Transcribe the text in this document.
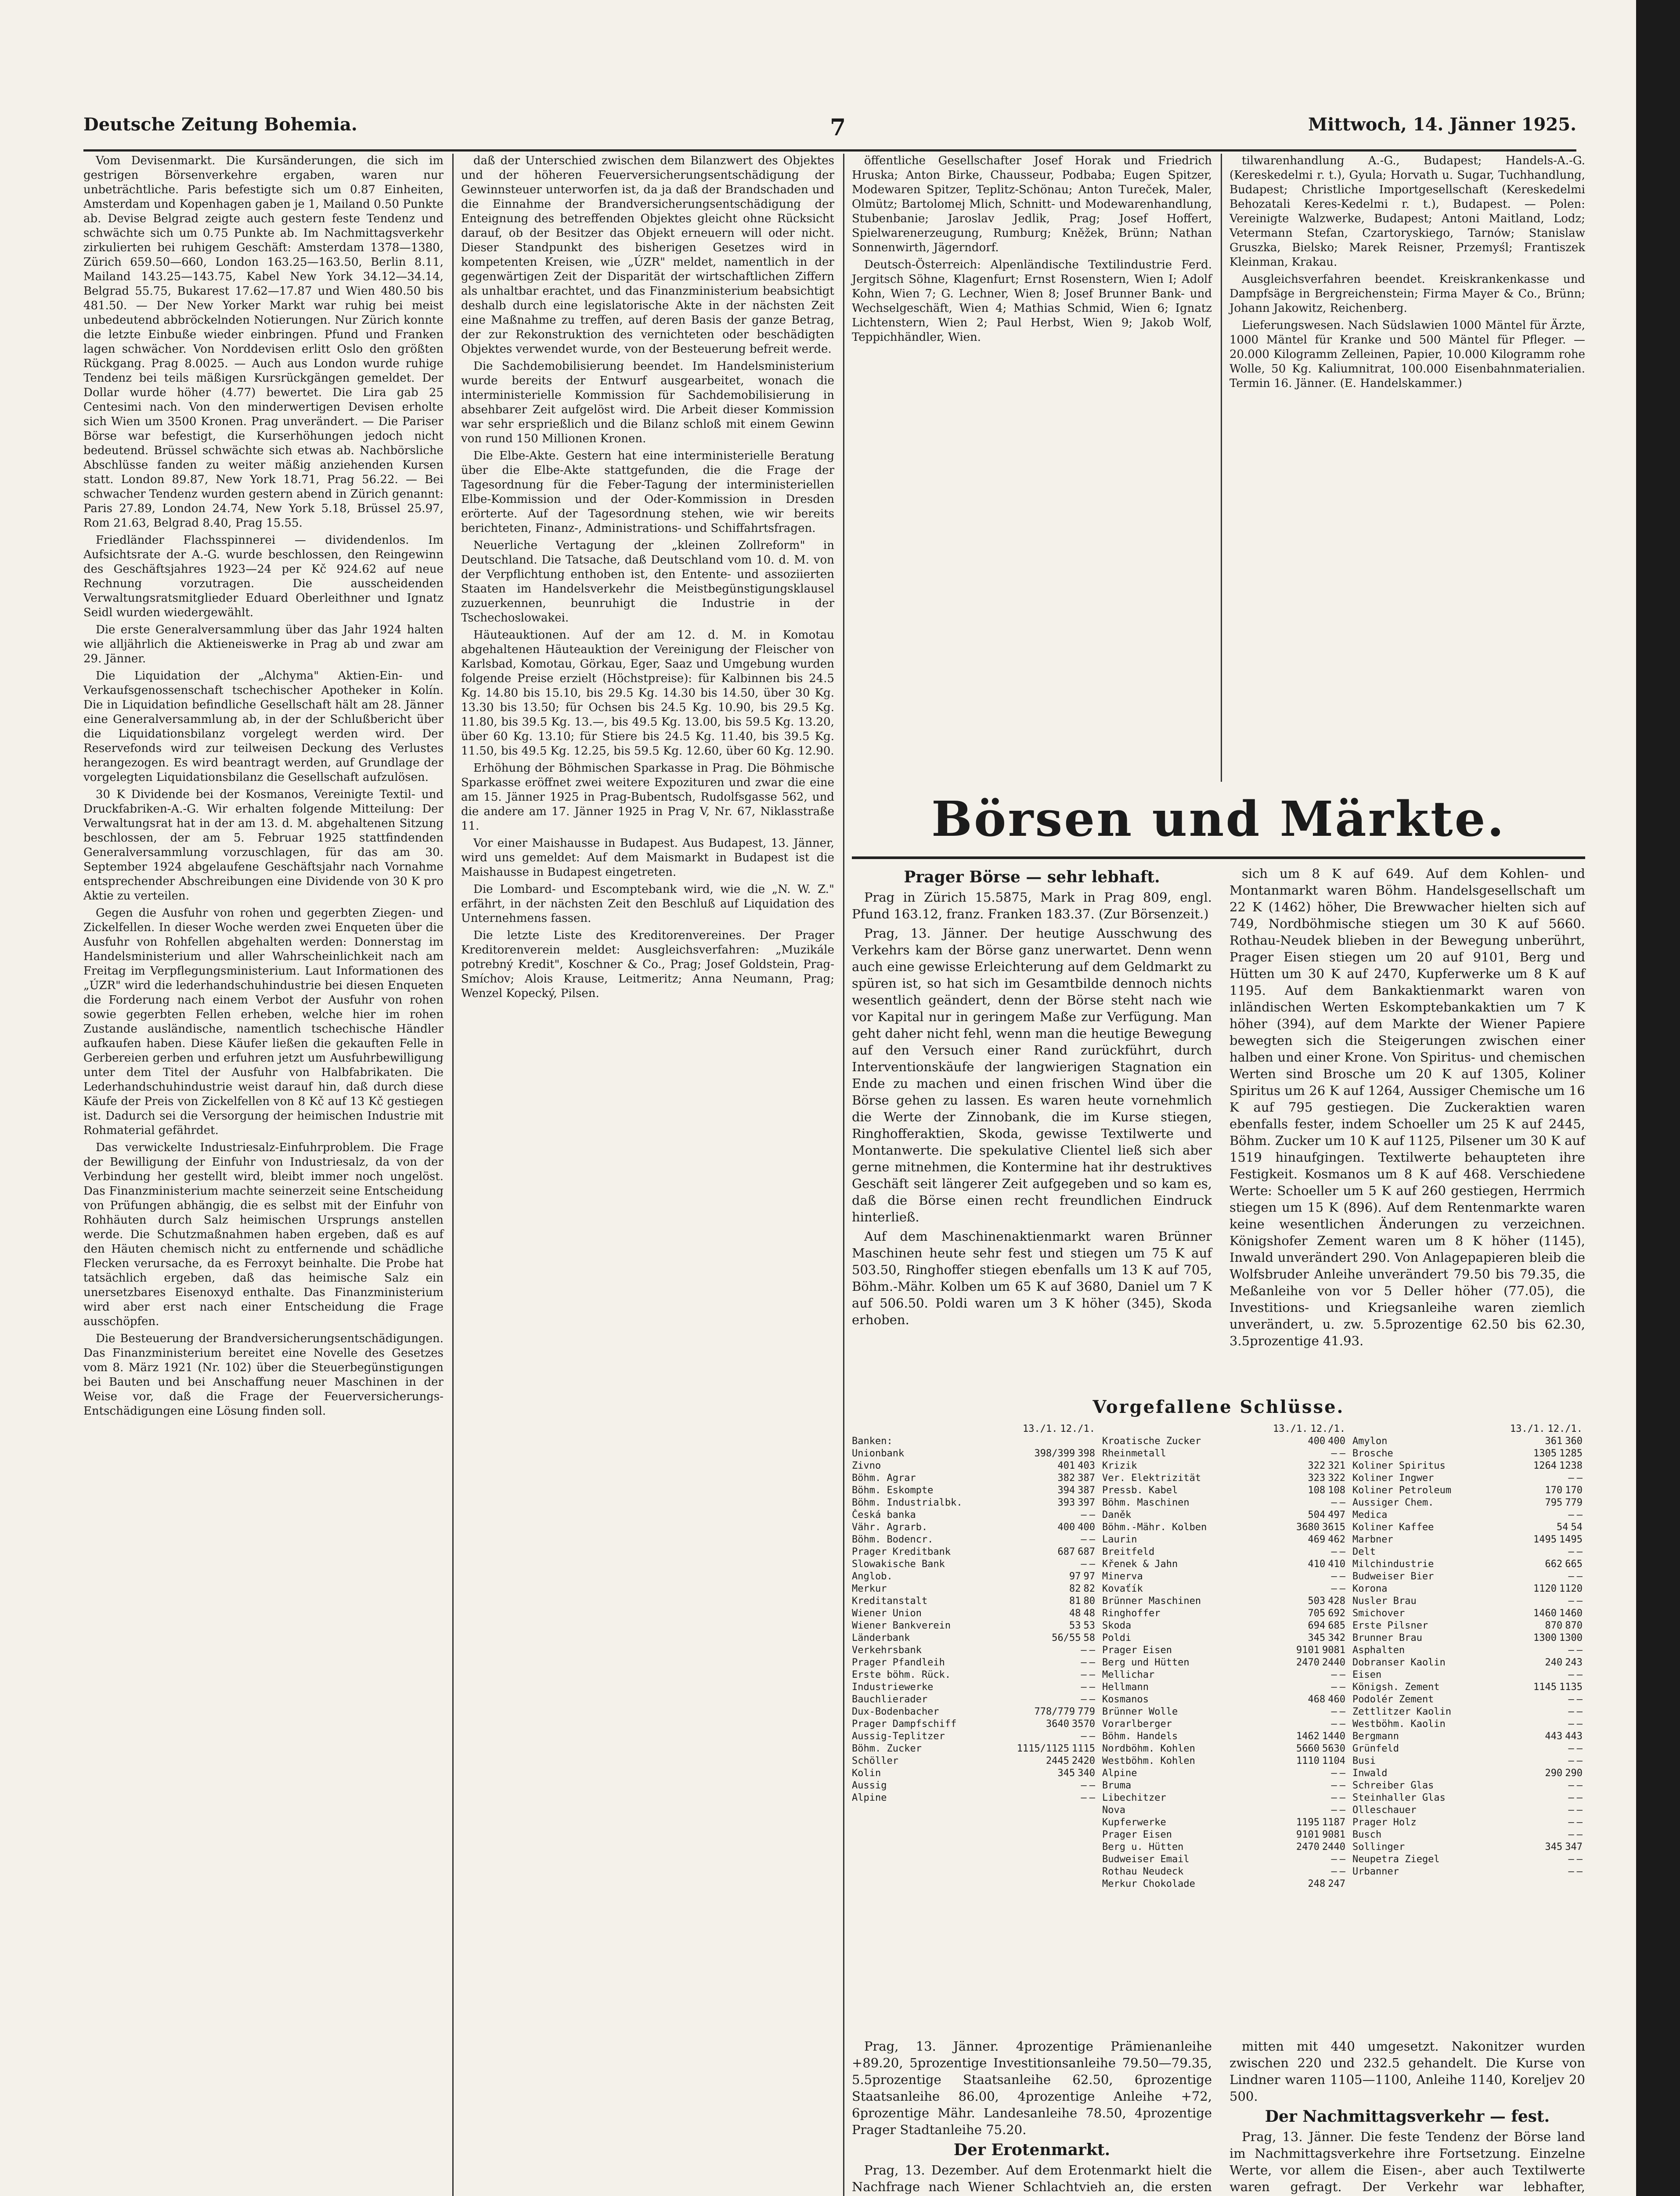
Deutsche Zeitung Bohemia.	7	Mittwoch, 14. Jänner 1925.

Vom Devisenmarkt. Die Kursänderungen, die sich im gestrigen Börsenverkehre ergaben, waren nur unbeträchtliche. Paris befestigte sich um 0.87 Einheiten, Amsterdam und Kopenhagen gaben je 1, Mailand 0.50 Punkte ab. Devise Belgrad zeigte auch gestern feste Tendenz und schwächte sich um 0.75 Punkte ab. Im Nachmittagsverkehr zirkulierten bei ruhigem Geschäft: Amsterdam 1378—1380, Zürich 659.50—660, London 163.25—163.50, Berlin 8.11, Mailand 143.25—143.75, Kabel New York 34.12—34.14, Belgrad 55.75, Bukarest 17.62—17.87 und Wien 480.50 bis 481.50. — Der New Yorker Markt war ruhig bei meist unbedeutend abbröckelnden Notierungen. Nur Zürich konnte die letzte Einbuße wieder einbringen. Pfund und Franken lagen schwächer. Von Norddevisen erlitt Oslo den größten Rückgang. Prag 8.0025. — Auch aus London wurde ruhige Tendenz bei teils mäßigen Kursrückgängen gemeldet. Der Dollar wurde höher (4.77) bewertet. Die Lira gab 25 Centesimi nach. Von den minderwertigen Devisen erholte sich Wien um 3500 Kronen. Prag unverändert. — Die Pariser Börse war befestigt, die Kurserhöhungen jedoch nicht bedeutend. Brüssel schwächte sich etwas ab. Nachbörsliche Abschlüsse fanden zu weiter mäßig anziehenden Kursen statt. London 89.87, New York 18.71, Prag 56.22. — Bei schwacher Tendenz wurden gestern abend in Zürich genannt: Paris 27.89, London 24.74, New York 5.18, Brüssel 25.97, Rom 21.63, Belgrad 8.40, Prag 15.55.

Friedländer Flachsspinnerei — dividendenlos. Im Aufsichtsrate der A.-G. wurde beschlossen, den Reingewinn des Geschäftsjahres 1923—24 per Kč 924.62 auf neue Rechnung vorzutragen. Die ausscheidenden Verwaltungsratsmitglieder Eduard Oberleithner und Ignatz Seidl wurden wiedergewählt.

Die erste Generalversammlung über das Jahr 1924 halten wie alljährlich die Aktieneiswerke in Prag ab und zwar am 29. Jänner.

Die Liquidation der „Alchyma" Aktien-Ein- und Verkaufsgenossenschaft tschechischer Apotheker in Kolín. Die in Liquidation befindliche Gesellschaft hält am 28. Jänner eine Generalversammlung ab, in der der Schlußbericht über die Liquidationsbilanz vorgelegt werden wird. Der Reservefonds wird zur teilweisen Deckung des Verlustes herangezogen. Es wird beantragt werden, auf Grundlage der vorgelegten Liquidationsbilanz die Gesellschaft aufzulösen.

30 K Dividende bei der Kosmanos, Vereinigte Textil- und Druckfabriken-A.-G. Wir erhalten folgende Mitteilung: Der Verwaltungsrat hat in der am 13. d. M. abgehaltenen Sitzung beschlossen, der am 5. Februar 1925 stattfindenden Generalversammlung vorzuschlagen, für das am 30. September 1924 abgelaufene Geschäftsjahr nach Vornahme entsprechender Abschreibungen eine Dividende von 30 K pro Aktie zu verteilen.

Gegen die Ausfuhr von rohen und gegerbten Ziegen- und Zickelfellen. In dieser Woche werden zwei Enqueten über die Ausfuhr von Rohfellen abgehalten werden: Donnerstag im Handelsministerium und aller Wahrscheinlichkeit nach am Freitag im Verpflegungsministerium. Laut Informationen des „ÚZR" wird die lederhandschuhindustrie bei diesen Enqueten die Forderung nach einem Verbot der Ausfuhr von rohen sowie gegerbten Fellen erheben, welche hier im rohen Zustande ausländische, namentlich tschechische Händler aufkaufen haben. Diese Käufer ließen die gekauften Felle in Gerbereien gerben und erfuhren jetzt um Ausfuhrbewilligung unter dem Titel der Ausfuhr von Halbfabrikaten. Die Lederhandschuhindustrie weist darauf hin, daß durch diese Käufe der Preis von Zickelfellen von 8 Kč auf 13 Kč gestiegen ist. Dadurch sei die Versorgung der heimischen Industrie mit Rohmaterial gefährdet.

Das verwickelte Industriesalz-Einfuhrproblem. Die Frage der Bewilligung der Einfuhr von Industriesalz, da von der Verbindung her gestellt wird, bleibt immer noch ungelöst. Das Finanzministerium machte seinerzeit seine Entscheidung von Prüfungen abhängig, die es selbst mit der Einfuhr von Rohhäuten durch Salz heimischen Ursprungs anstellen werde. Die Schutzmaßnahmen haben ergeben, daß es auf den Häuten chemisch nicht zu entfernende und schädliche Flecken verursache, da es Ferroxyt beinhalte. Die Probe hat tatsächlich ergeben, daß das heimische Salz ein unersetzbares Eisenoxyd enthalte. Das Finanzministerium wird aber erst nach einer Entscheidung die Frage ausschöpfen.

Die Besteuerung der Brandversicherungsentschädigungen. Das Finanzministerium bereitet eine Novelle des Gesetzes vom 8. März 1921 (Nr. 102) über die Steuerbegünstigungen bei Bauten und bei Anschaffung neuer Maschinen in der Weise vor, daß die Frage der Feuerversicherungs-Entschädigungen eine Lösung finden soll.

daß der Unterschied zwischen dem Bilanzwert des Objektes und der höheren Feuerversicherungsentschädigung der Gewinnsteuer unterworfen ist, da ja daß der Brandschaden und die Einnahme der Brandversicherungsentschädigung der Enteignung des betreffenden Objektes gleicht ohne Rücksicht darauf, ob der Besitzer das Objekt erneuern will oder nicht. Dieser Standpunkt des bisherigen Gesetzes wird in kompetenten Kreisen, wie „ÚZR" meldet, namentlich in der gegenwärtigen Zeit der Disparität der wirtschaftlichen Ziffern als unhaltbar erachtet, und das Finanzministerium beabsichtigt deshalb durch eine legislatorische Akte in der nächsten Zeit eine Maßnahme zu treffen, auf deren Basis der ganze Betrag, der zur Rekonstruktion des vernichteten oder beschädigten Objektes verwendet wurde, von der Besteuerung befreit werde.

Die Sachdemobilisierung beendet. Im Handelsministerium wurde bereits der Entwurf ausgearbeitet, wonach die interministerielle Kommission für Sachdemobilisierung in absehbarer Zeit aufgelöst wird. Die Arbeit dieser Kommission war sehr ersprießlich und die Bilanz schloß mit einem Gewinn von rund 150 Millionen Kronen.

Die Elbe-Akte. Gestern hat eine interministerielle Beratung über die Elbe-Akte stattgefunden, die die Frage der Tagesordnung für die Feber-Tagung der interministeriellen Elbe-Kommission und der Oder-Kommission in Dresden erörterte. Auf der Tagesordnung stehen, wie wir bereits berichteten, Finanz-, Administrations- und Schiffahrtsfragen.

Neuerliche Vertagung der „kleinen Zollreform" in Deutschland. Die Tatsache, daß Deutschland vom 10. d. M. von der Verpflichtung enthoben ist, den Entente- und assoziierten Staaten im Handelsverkehr die Meistbegünstigungsklausel zuzuerkennen, beunruhigt die Industrie in der Tschechoslowakei.

Häuteauktionen. Auf der am 12. d. M. in Komotau abgehaltenen Häuteauktion der Vereinigung der Fleischer von Karlsbad, Komotau, Görkau, Eger, Saaz und Umgebung wurden folgende Preise erzielt (Höchstpreise): für Kalbinnen bis 24.5 Kg. 14.80 bis 15.10, bis 29.5 Kg. 14.30 bis 14.50, über 30 Kg. 13.30 bis 13.50; für Ochsen bis 24.5 Kg. 10.90, bis 29.5 Kg. 11.80, bis 39.5 Kg. 13.—, bis 49.5 Kg. 13.00, bis 59.5 Kg. 13.20, über 60 Kg. 13.10; für Stiere bis 24.5 Kg. 11.40, bis 39.5 Kg. 11.50, bis 49.5 Kg. 12.25, bis 59.5 Kg. 12.60, über 60 Kg. 12.90.

Erhöhung der Böhmischen Sparkasse in Prag. Die Böhmische Sparkasse eröffnet zwei weitere Expozituren und zwar die eine am 15. Jänner 1925 in Prag-Bubentsch, Rudolfsgasse 562, und die andere am 17. Jänner 1925 in Prag V, Nr. 67, Niklasstraße 11.

Vor einer Maishausse in Budapest. Aus Budapest, 13. Jänner, wird uns gemeldet: Auf dem Maismarkt in Budapest ist die Maishausse in Budapest eingetreten.

Die Lombard- und Escomptebank wird, wie die „N. W. Z." erfährt, in der nächsten Zeit den Beschluß auf Liquidation des Unternehmens fassen.

Die letzte Liste des Kreditorenvereines. Der Prager Kreditorenverein meldet: Ausgleichsverfahren: „Muzikále potrebný Kredit", Koschner & Co., Prag; Josef Goldstein, Prag-Smíchov; Alois Krause, Leitmeritz; Anna Neumann, Prag; Wenzel Kopecký, Pilsen.

öffentliche Gesellschafter Josef Horak und Friedrich Hruska; Anton Birke, Chausseur, Podbaba; Eugen Spitzer, Modewaren Spitzer, Teplitz-Schönau; Anton Tureček, Maler, Olmütz; Bartolomej Mlich, Schnitt- und Modewarenhandlung, Stubenbanie; Jaroslav Jedlik, Prag; Josef Hoffert, Spielwarenerzeugung, Rumburg; Kněžek, Brünn; Nathan Sonnenwirth, Jägerndorf.

Deutsch-Österreich: Alpenländische Textilindustrie Ferd. Jergitsch Söhne, Klagenfurt; Ernst Rosenstern, Wien I; Adolf Kohn, Wien 7; G. Lechner, Wien 8; Josef Brunner Bank- und Wechselgeschäft, Wien 4; Mathias Schmid, Wien 6; Ignatz Lichtenstern, Wien 2; Paul Herbst, Wien 9; Jakob Wolf, Teppichhändler, Wien.

tilwarenhandlung A.-G., Budapest; Handels-A.-G. (Kereskedelmi r. t.), Gyula; Horvath u. Sugar, Tuchhandlung, Budapest; Christliche Importgesellschaft (Kereskedelmi Behozatali Keres-Kedelmi r. t.), Budapest. — Polen: Vereinigte Walzwerke, Budapest; Antoni Maitland, Lodz; Vetermann Stefan, Czartoryskiego, Tarnów; Stanislaw Gruszka, Bielsko; Marek Reisner, Przemyśl; Frantiszek Kleinman, Krakau.

Ausgleichsverfahren beendet. Kreiskrankenkasse und Dampfsäge in Bergreichenstein; Firma Mayer & Co., Brünn; Johann Jakowitz, Reichenberg.

Lieferungswesen. Nach Südslawien 1000 Mäntel für Ärzte, 1000 Mäntel für Kranke und 500 Mäntel für Pfleger. — 20.000 Kilogramm Zelleinen, Papier, 10.000 Kilogramm rohe Wolle, 50 Kg. Kaliumnitrat, 100.000 Eisenbahnmaterialien. Termin 16. Jänner. (E. Handelskammer.)

Börsen und Märkte.
Prager Börse — sehr lebhaft.

Prag in Zürich 15.5875, Mark in Prag 809, engl. Pfund 163.12, franz. Franken 183.37. (Zur Börsenzeit.)

Prag, 13. Jänner. Der heutige Ausschwung des Verkehrs kam der Börse ganz unerwartet. Denn wenn auch eine gewisse Erleichterung auf dem Geldmarkt zu spüren ist, so hat sich im Gesamtbilde dennoch nichts wesentlich geändert, denn der Börse steht nach wie vor Kapital nur in geringem Maße zur Verfügung. Man geht daher nicht fehl, wenn man die heutige Bewegung auf den Versuch einer Rand zurückführt, durch Interventionskäufe der langwierigen Stagnation ein Ende zu machen und einen frischen Wind über die Börse gehen zu lassen. Es waren heute vornehmlich die Werte der Zinnobank, die im Kurse stiegen, Ringhofferaktien, Skoda, gewisse Textilwerte und Montanwerte. Die spekulative Clientel ließ sich aber gerne mitnehmen, die Kontermine hat ihr destruktives Geschäft seit längerer Zeit aufgegeben und so kam es, daß die Börse einen recht freundlichen Eindruck hinterließ.

Auf dem Maschinenaktienmarkt waren Brünner Maschinen heute sehr fest und stiegen um 75 K auf 503.50, Ringhoffer stiegen ebenfalls um 13 K auf 705, Böhm.-Mähr. Kolben um 65 K auf 3680, Daniel um 7 K auf 506.50. Poldi waren um 3 K höher (345), Skoda erhoben.

sich um 8 K auf 649. Auf dem Kohlen- und Montanmarkt waren Böhm. Handelsgesellschaft um 22 K (1462) höher, Die Brewwacher hielten sich auf 749, Nordböhmische stiegen um 30 K auf 5660. Rothau-Neudek blieben in der Bewegung unberührt, Prager Eisen stiegen um 20 auf 9101, Berg und Hütten um 30 K auf 2470, Kupferwerke um 8 K auf 1195. Auf dem Bankaktienmarkt waren von inländischen Werten Eskomptebankaktien um 7 K höher (394), auf dem Markte der Wiener Papiere bewegten sich die Steigerungen zwischen einer halben und einer Krone. Von Spiritus- und chemischen Werten sind Brosche um 20 K auf 1305, Koliner Spiritus um 26 K auf 1264, Aussiger Chemische um 16 K auf 795 gestiegen. Die Zuckeraktien waren ebenfalls fester, indem Schoeller um 25 K auf 2445, Böhm. Zucker um 10 K auf 1125, Pilsener um 30 K auf 1519 hinaufgingen. Textilwerte behaupteten ihre Festigkeit. Kosmanos um 8 K auf 468. Verschiedene Werte: Schoeller um 5 K auf 260 gestiegen, Herrmich stiegen um 15 K (896). Auf dem Rentenmarkte waren keine wesentlichen Änderungen zu verzeichnen. Königshofer Zement waren um 8 K höher (1145), Inwald unverändert 290. Von Anlagepapieren bleib die Wolfsbruder Anleihe unverändert 79.50 bis 79.35, die Meßanleihe von vor 5 Deller höher (77.05), die Investitions- und Kriegsanleihe waren ziemlich unverändert, u. zw. 5.5prozentige 62.50 bis 62.30, 3.5prozentige 41.93.

Vorgefallene Schlüsse.
13./1. 12./1.
Banken:
Unionbank	398/399 398
Zivno	401 403
Böhm. Agrar	382 387
Böhm. Eskompte	394 387
Böhm. Industrialbk.	393 397
Česká banka	— —
Vähr. Agrarb.	400 400
Böhm. Bodencr.	— —
Prager Kreditbank	687 687
Slowakische Bank	— —
Anglob.	97 97
Merkur	82 82
Kreditanstalt	81 80
Wiener Union	48 48
Wiener Bankverein	53 53
Länderbank	56/55 58
Verkehrsbank	— —
Prager Pfandleih	— —
Erste böhm. Rück.	— —
Industriewerke	— —
Bauchlierader	— —
Dux-Bodenbacher	778/779 779
Prager Dampfschiff	3640 3570
Aussig-Teplitzer	— —
Böhm. Zucker	1115/1125 1115
Schöller	2445 2420
Kolin	345 340
Aussig	— —
Alpine	— —
13./1. 12./1.
Kroatische Zucker	400 400
Rheinmetall	— —
Krizik	322 321
Ver. Elektrizität	323 322
Pressb. Kabel	108 108
Böhm. Maschinen	— —
Daněk	504 497
Böhm.-Mähr. Kolben	3680 3615
Laurin	469 462
Breitfeld	— —
Křenek & Jahn	410 410
Minerva	— —
Kovaťík	— —
Brünner Maschinen	503 428
Ringhoffer	705 692
Skoda	694 685
Poldi	345 342
Prager Eisen	9101 9081
Berg und Hütten	2470 2440
Mellichar	— —
Hellmann	— —
Kosmanos	468 460
Brünner Wolle	— —
Vorarlberger	— —
Böhm. Handels	1462 1440
Nordböhm. Kohlen	5660 5630
Westböhm. Kohlen	1110 1104
Alpine	— —
Bruma	— —
Libechitzer	— —
Nova	— —
Kupferwerke	1195 1187
Prager Eisen	9101 9081
Berg u. Hütten	2470 2440
Budweiser Email	— —
Rothau Neudeck	— —
Merkur Chokolade	248 247
13./1. 12./1.
Amylon	361 360
Brosche	1305 1285
Koliner Spiritus	1264 1238
Koliner Ingwer	— —
Koliner Petroleum	170 170
Aussiger Chem.	795 779
Medica	— —
Koliner Kaffee	54 54
Marbner	1495 1495
Delt	— —
Milchindustrie	662 665
Budweiser Bier	— —
Korona	1120 1120
Nusler Brau	— —
Smichover	1460 1460
Erste Pilsner	870 870
Brunner Brau	1300 1300
Asphalten	— —
Dobranser Kaolin	240 243
Eisen	— —
Königsh. Zement	1145 1135
Podolér Zement	— —
Zettlitzer Kaolin	— —
Westböhm. Kaolin	— —
Bergmann	443 443
Grünfeld	— —
Busi	— —
Inwald	290 290
Schreiber Glas	— —
Steinhaller Glas	— —
Olleschauer	— —
Prager Holz	— —
Busch	— —
Sollinger	345 347
Neupetra Ziegel	— —
Urbanner	— —

Prag, 13. Jänner. 4prozentige Prämienanleihe +89.20, 5prozentige Investitionsanleihe 79.50—79.35, 5.5prozentige Staatsanleihe 62.50, 6prozentige Staatsanleihe 86.00, 4prozentige Anleihe +72, 6prozentige Mähr. Landesanleihe 78.50, 4prozentige Prager Stadtanleihe 75.20.

Der Erotenmarkt.

Prag, 13. Dezember. Auf dem Erotenmarkt hielt die Nachfrage nach Wiener Schlachtvieh an, die ersten

mitten mit 440 umgesetzt. Nakonitzer wurden zwischen 220 und 232.5 gehandelt. Die Kurse von Lindner waren 1105—1100, Anleihe 1140, Koreljev 20 500.

Der Nachmittagsverkehr — fest.

Prag, 13. Jänner. Die feste Tendenz der Börse land im Nachmittagsverkehre ihre Fortsetzung. Einzelne Werte, vor allem die Eisen-, aber auch Textilwerte waren gefragt. Der Verkehr war lebhafter,
